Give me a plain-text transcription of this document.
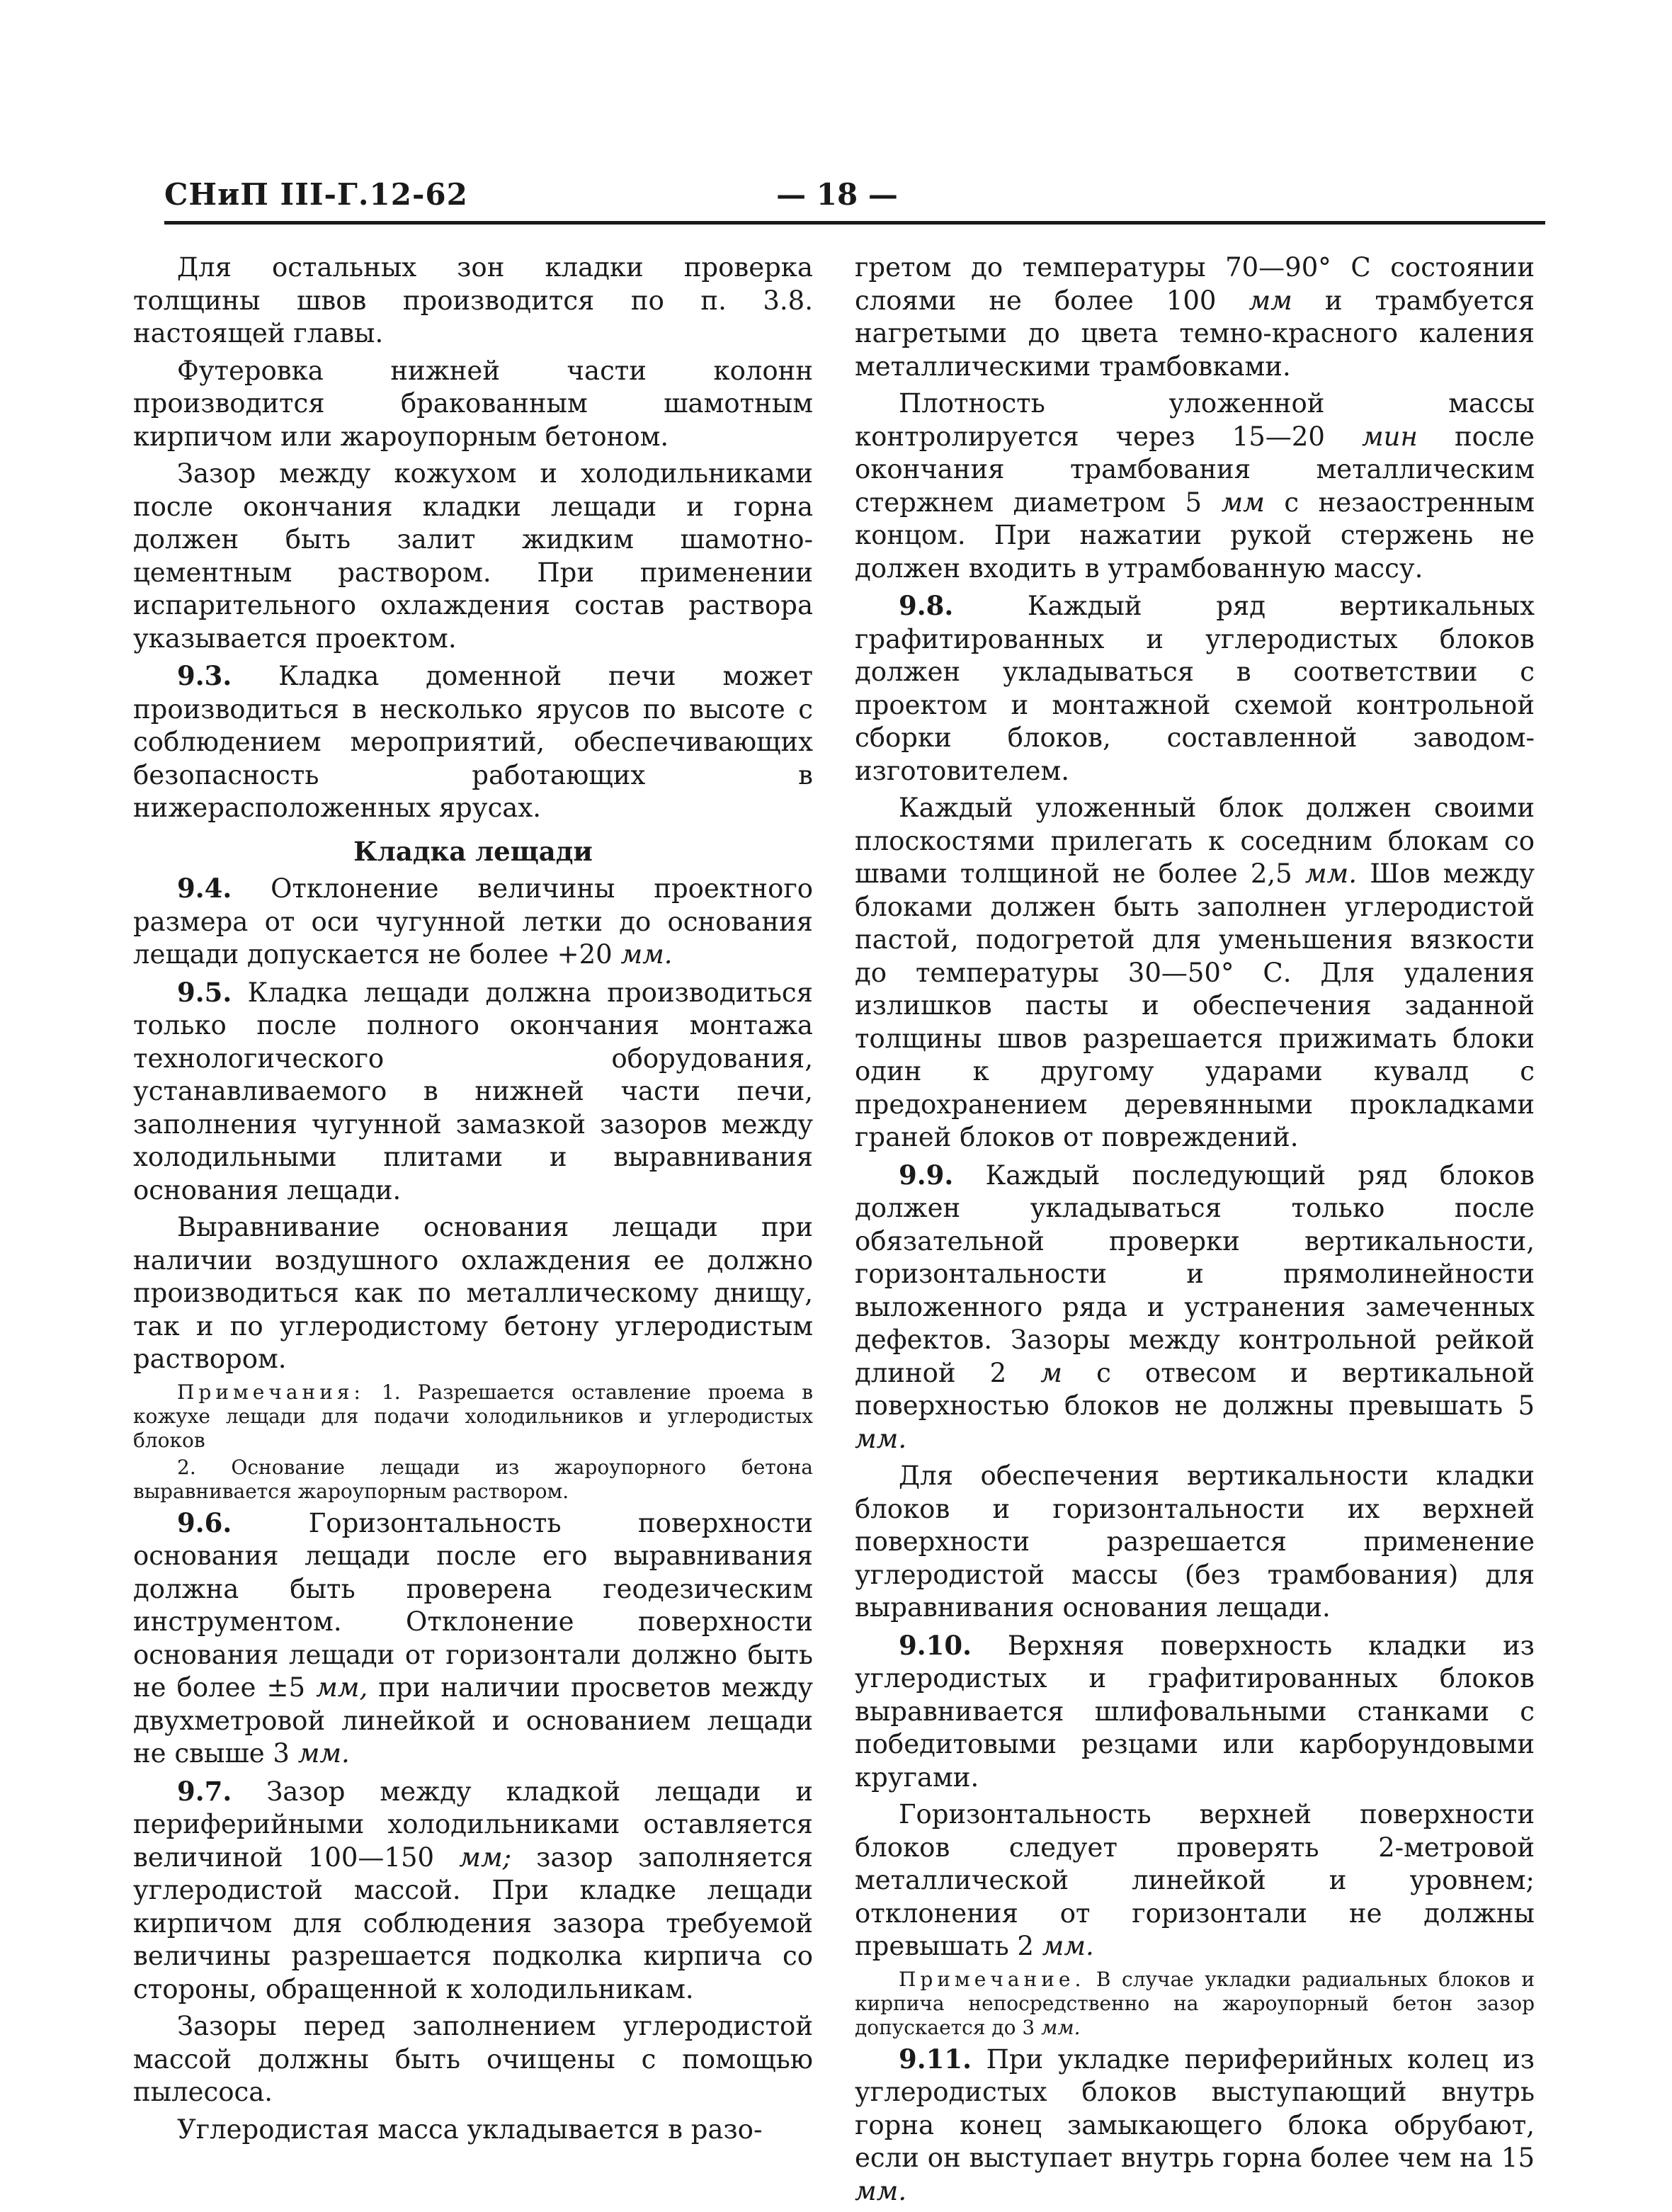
СНиП III-Г.12-62	— 18 —

Для остальных зон кладки проверка толщины швов производится по п. 3.8. настоящей главы.

Футеровка нижней части колонн производится бракованным шамотным кирпичом или жароупорным бетоном.

Зазор между кожухом и холодильниками после окончания кладки лещади и горна должен быть залит жидким шамотно-цементным раствором. При применении испарительного охлаждения состав раствора указывается проектом.

9.3. Кладка доменной печи может производиться в несколько ярусов по высоте с соблюдением мероприятий, обеспечивающих безопасность работающих в нижерасположенных ярусах.

Кладка лещади

9.4. Отклонение величины проектного размера от оси чугунной летки до основания лещади допускается не более +20 мм.

9.5. Кладка лещади должна производиться только после полного окончания монтажа технологического оборудования, устанавливаемого в нижней части печи, заполнения чугунной замазкой зазоров между холодильными плитами и выравнивания основания лещади.

Выравнивание основания лещади при наличии воздушного охлаждения ее должно производиться как по металлическому днищу, так и по углеродистому бетону углеродистым раствором.

Примечания: 1. Разрешается оставление проема в кожухе лещади для подачи холодильников и углеродистых блоков
2. Основание лещади из жароупорного бетона выравнивается жароупорным раствором.

9.6.	Горизонтальность поверхности основания лещади после его выравнивания должна быть проверена геодезическим инструментом. Отклонение поверхности основания лещади от горизонтали должно быть не более ±5 мм, при наличии просветов между двухметровой линейкой и основанием лещади не свыше 3 мм.

9.7. Зазор между кладкой лещади и периферийными холодильниками оставляется величиной 100—150 мм; зазор заполняется углеродистой массой. При кладке лещади кирпичом для соблюдения зазора требуемой величины разрешается подколка кирпича со стороны, обращенной к холодильникам.

Зазоры перед заполнением углеродистой массой должны быть очищены с помощью пылесоса.

Углеродистая масса укладывается в разо-

гретом до температуры 70—90° С состоянии слоями не более 100 мм и трамбуется нагретыми до цвета темно-красного каления металлическими трамбовками.

Плотность уложенной массы контролируется через 15—20 мин после окончания трамбования металлическим стержнем диаметром 5 мм с незаостренным концом. При нажатии рукой стержень не должен входить в утрамбованную массу.

9.8.	Каждый ряд вертикальных графитированных и углеродистых блоков должен укладываться в соответствии с проектом и монтажной схемой контрольной сборки блоков, составленной заводом-изготовителем.

Каждый уложенный блок должен своими плоскостями прилегать к соседним блокам со швами толщиной не более 2,5 мм. Шов между блоками должен быть заполнен углеродистой пастой, подогретой для уменьшения вязкости до температуры 30—50° С. Для удаления излишков пасты и обеспечения заданной толщины швов разрешается прижимать блоки один к другому ударами кувалд с предохранением деревянными прокладками граней блоков от повреждений.

9.9. Каждый последующий ряд блоков должен укладываться только после обязательной проверки вертикальности, горизонтальности и прямолинейности выложенного ряда и устранения замеченных дефектов. Зазоры между контрольной рейкой длиной 2 м с отвесом и вертикальной поверхностью блоков не должны превышать 5 мм.

Для обеспечения вертикальности кладки блоков и горизонтальности их верхней поверхности разрешается применение углеродистой массы (без трамбования) для выравнивания основания лещади.

9.10. Верхняя поверхность кладки из углеродистых и графитированных блоков выравнивается шлифовальными станками с победитовыми резцами или карборундовыми кругами.

Горизонтальность верхней поверхности блоков следует проверять 2-метровой металлической линейкой и уровнем; отклонения от горизонтали не должны превышать 2 мм.

Примечание. В случае укладки радиальных блоков и кирпича непосредственно на жароупорный бетон зазор допускается до 3 мм.

9.11. При укладке периферийных колец из углеродистых блоков выступающий внутрь горна конец замыкающего блока обрубают, если он выступает внутрь горна более чем на 15 мм.
